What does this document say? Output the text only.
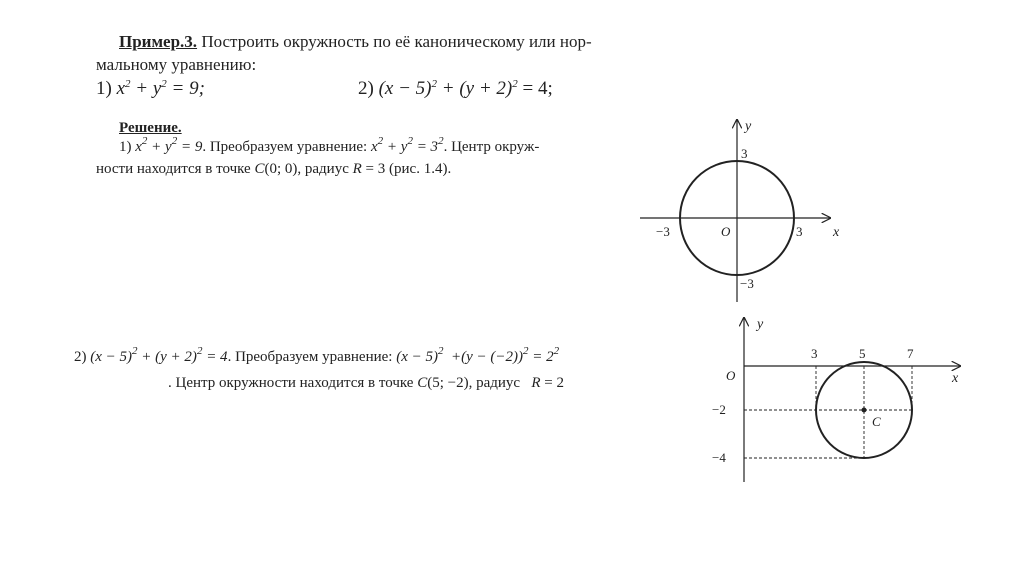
Пример.3. Построить окружность по её каноническому или нор-
мальному уравнению:
1) $x^2 + y^2 = 9$;	2) $(x - 5)^2 + (y + 2)^2 = 4$;
Решение.
1) $x^2 + y^2 = 9$. Преобразуем уравнение: $x^2 + y^2 = 3^2$. Центр окруж-
ности находится в точке C(0; 0), радиус R = 3 (рис. 1.4).
2) $(x - 5)^2 + (y + 2)^2 = 4$. Преобразуем уравнение: $(x - 5)^2 +(y - (-2))^2 = 2^2$
. Центр окружности находится в точке C(5; −2), радиус R = 2
x
y
O	3
−3
3
−3
C
x
y
O
3	5	7
−2
−4
